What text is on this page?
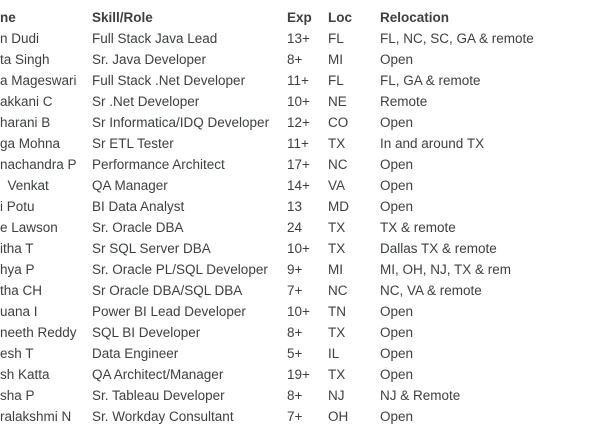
ne	Skill/Role	Exp	Loc	Relocation
n Dudi	Full Stack Java Lead	13+	FL	FL, NC, SC, GA & remote
ta Singh	Sr. Java Developer	8+	MI	Open
a Mageswari	Full Stack .Net Developer	11+	FL	FL, GA & remote
akkani C	Sr .Net Developer	10+	NE	Remote
harani B	Sr Informatica/IDQ Developer	12+	CO	Open
ga Mohna	Sr ETL Tester	11+	TX	In and around TX
nachandra P	Performance Architect	17+	NC	Open
Venkat	QA Manager	14+	VA	Open
i Potu	BI Data Analyst	13	MD	Open
e Lawson	Sr. Oracle DBA	24	TX	TX & remote
itha T	Sr SQL Server DBA	10+	TX	Dallas TX & remote
hya P	Sr. Oracle PL/SQL Developer	9+	MI	MI, OH, NJ, TX & rem
tha CH	Sr Oracle DBA/SQL DBA	7+	NC	NC, VA & remote
uana I	Power BI Lead Developer	10+	TN	Open
neeth Reddy	SQL BI Developer	8+	TX	Open
esh T	Data Engineer	5+	IL	Open
sh Katta	QA Architect/Manager	19+	TX	Open
sha P	Sr. Tableau Developer	8+	NJ	NJ & Remote
ralakshmi N	Sr. Workday Consultant	7+	OH	Open
